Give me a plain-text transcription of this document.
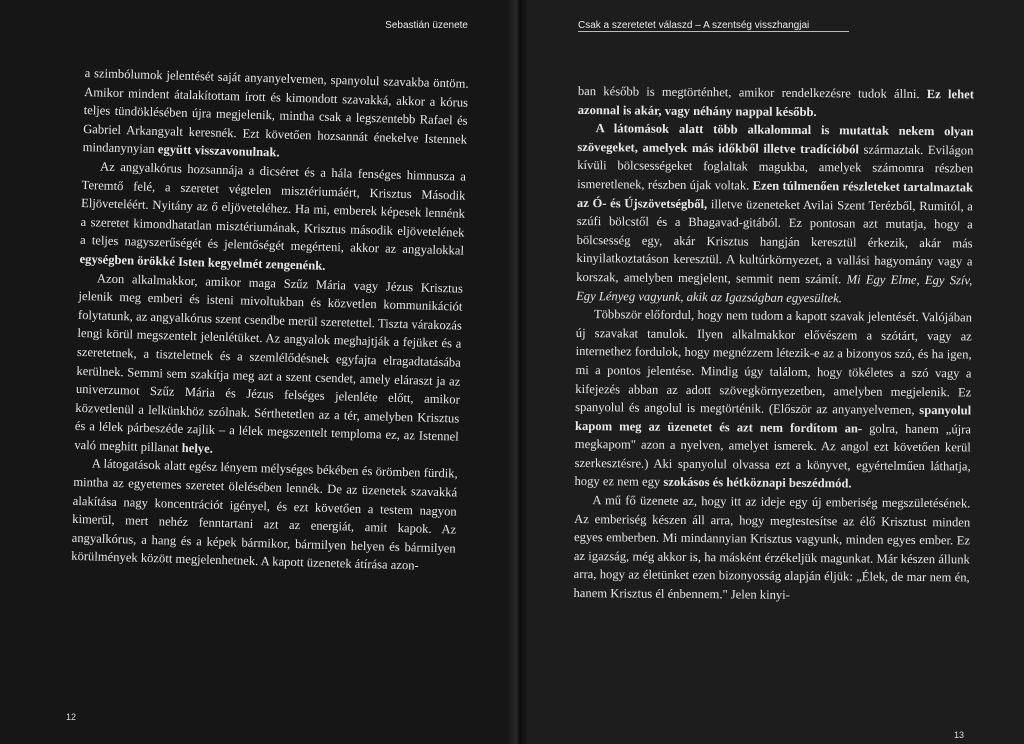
Sebastián üzenete

a szimbólumok jelentését saját anyanyelvemen, spanyolul szavakba öntöm. Amikor mindent átalakítottam írott és kimondott szavakká, akkor a kórus teljes tündöklésében újra megjelenik, mintha csak a legszentebb Rafael és Gabriel Arkangyalt keresnék. Ezt követően hozsannát énekelve Istennek mindanynyian együtt visszavonulnak.

Az angyalkórus hozsannája a dicséret és a hála fenséges himnusza a Teremtő felé, a szeretet végtelen misztériumáért, Krisztus Második Eljöveteléért. Nyitány az ő eljöveteléhez. Ha mi, emberek képesek lennénk a szeretet kimondhatatlan misztériumának, Krisztus második eljövetelének a teljes nagyszerűségét és jelentőségét megérteni, akkor az angyalokkal egységben örökké Isten kegyelmét zengenénk.

Azon alkalmakkor, amikor maga Szűz Mária vagy Jézus Krisztus jelenik meg emberi és isteni mivoltukban és közvetlen kommunikációt folytatunk, az angyalkórus szent csendbe merül szeretettel. Tiszta várakozás lengi körül megszentelt jelenlétüket. Az angyalok meghajtják a fejüket és a szeretetnek, a tiszteletnek és a szemlélődésnek egyfajta elragadtatásába kerülnek. Semmi sem szakítja meg azt a szent csendet, amely eláraszt ja az univerzumot Szűz Mária és Jézus felséges jelenléte előtt, amikor közvetlenül a lelkünkhöz szólnak. Sérthetetlen az a tér, amelyben Krisztus és a lélek párbeszéde zajlik – a lélek megszentelt temploma ez, az Istennel való meghitt pillanat helye.

A látogatások alatt egész lényem mélységes békében és örömben fürdik, mintha az egyetemes szeretet ölelésében lennék. De az üzenetek szavakká alakítása nagy koncentrációt igényel, és ezt követően a testem nagyon kimerül, mert nehéz fenntartani azt az energiát, amit kapok. Az angyalkórus, a hang és a képek bármikor, bármilyen helyen és bármilyen körülmények között megjelenhetnek. A kapott üzenetek átírása azon-

12
Csak a szeretetet válaszd – A szentség visszhangjai

ban később is megtörténhet, amikor rendelkezésre tudok állni. Ez lehet azonnal is akár, vagy néhány nappal később.

A látomások alatt több alkalommal is mutattak nekem olyan szövegeket, amelyek más időkből illetve tradícióból származtak. Evilágon kívüli bölcsességeket foglaltak magukba, amelyek számomra részben ismeretlenek, részben újak voltak. Ezen túlmenően részleteket tartalmaztak az Ó- és Újszövetségből, illetve üzeneteket Avilai Szent Terézből, Rumitól, a szúfi bölcstől és a Bhagavad-gitából. Ez pontosan azt mutatja, hogy a bölcsesség egy, akár Krisztus hangján keresztül érkezik, akár más kinyilatkoztatáson keresztül. A kultúrkörnyezet, a vallási hagyomány vagy a korszak, amelyben megjelent, semmit nem számít. Mi Egy Elme, Egy Szív, Egy Lényeg vagyunk, akik az Igazságban egyesültek.

Többször előfordul, hogy nem tudom a kapott szavak jelentését. Valójában új szavakat tanulok. Ilyen alkalmakkor elővészem a szótárt, vagy az internethez fordulok, hogy megnézzem létezik-e az a bizonyos szó, és ha igen, mi a pontos jelentése. Mindig úgy találom, hogy tökéletes a szó vagy a kifejezés abban az adott szövegkörnyezetben, amelyben megjelenik. Ez spanyolul és angolul is megtörténik. (Először az anyanyelvemen, spanyolul kapom meg az üzenetet és azt nem fordítom an- golra, hanem „újra megkapom" azon a nyelven, amelyet ismerek. Az angol ezt követően kerül szerkesztésre.) Aki spanyolul olvassa ezt a könyvet, egyértelműen láthatja, hogy ez nem egy szokásos és hétköznapi beszédmód.

A mű fő üzenete az, hogy itt az ideje egy új emberiség megszületésének. Az emberiség készen áll arra, hogy megtestesítse az élő Krisztust minden egyes emberben. Mi mindannyian Krisztus vagyunk, minden egyes ember. Ez az igazság, még akkor is, ha másként érzékeljük magunkat. Már készen állunk arra, hogy az életünket ezen bizonyosság alapján éljük: „Élek, de mar nem én, hanem Krisztus él énbennem." Jelen kinyi-

13
